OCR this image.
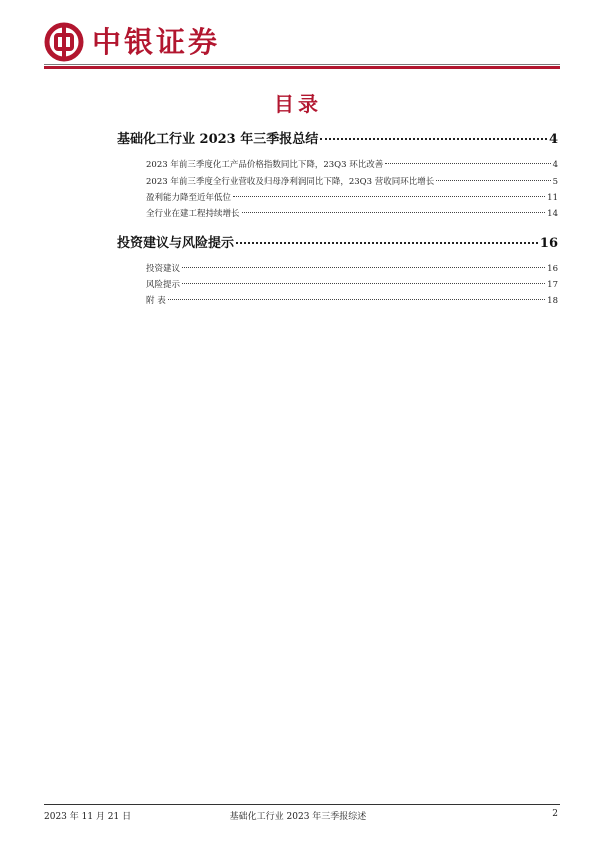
中银证券
目录
基础化工行业 2023 年三季报总结	4
2023 年前三季度化工产品价格指数同比下降，23Q3 环比改善	4
2023 年前三季度全行业营收及归母净利润同比下降，23Q3 营收同环比增长	5
盈利能力降至近年低位	11
全行业在建工程持续增长	14
投资建议与风险提示	16
投资建议	16
风险提示	17
附 表	18
2023 年 11 月 21 日	基础化工行业 2023 年三季报综述	2
